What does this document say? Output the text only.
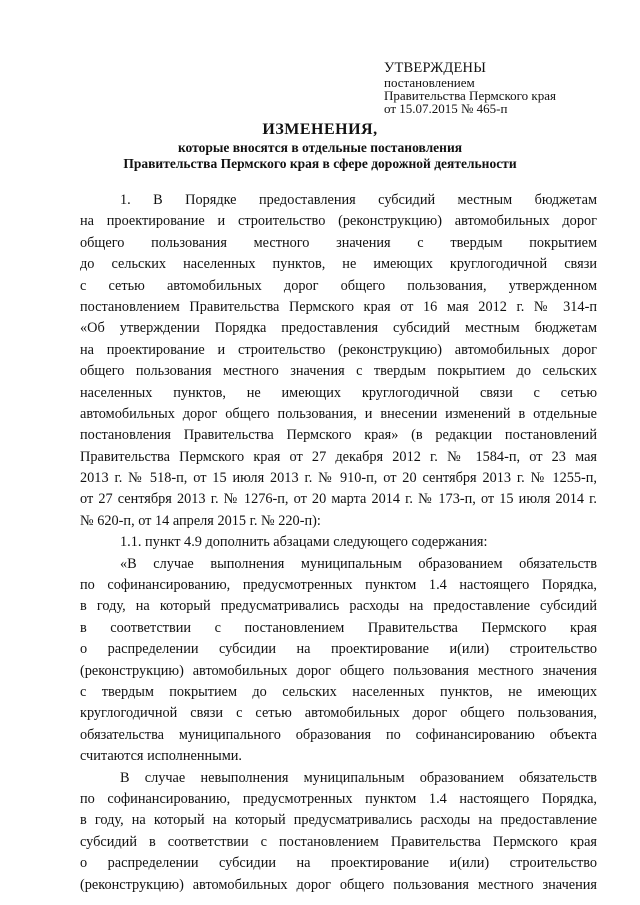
УТВЕРЖДЕНЫ
постановлением
Правительства Пермского края
от 15.07.2015 № 465-п
ИЗМЕНЕНИЯ,
которые вносятся в отдельные постановления
Правительства Пермского края в сфере дорожной деятельности
1. В Порядке предоставления субсидий местным бюджетам
на проектирование и строительство (реконструкцию) автомобильных дорог
общего пользования местного значения с твердым покрытием
до сельских населенных пунктов, не имеющих круглогодичной связи
с сетью автомобильных дорог общего пользования, утвержденном
постановлением Правительства Пермского края от 16 мая 2012 г. № 314-п
«Об утверждении Порядка предоставления субсидий местным бюджетам
на проектирование и строительство (реконструкцию) автомобильных дорог
общего пользования местного значения с твердым покрытием до сельских
населенных пунктов, не имеющих круглогодичной связи с сетью
автомобильных дорог общего пользования, и внесении изменений в отдельные
постановления Правительства Пермского края» (в редакции постановлений
Правительства Пермского края от 27 декабря 2012 г. № 1584-п, от 23 мая
2013 г. № 518-п, от 15 июля 2013 г. № 910-п, от 20 сентября 2013 г. № 1255-п,
от 27 сентября 2013 г. № 1276-п, от 20 марта 2014 г. № 173-п, от 15 июля 2014 г.
№ 620-п, от 14 апреля 2015 г. № 220-п):
1.1. пункт 4.9 дополнить абзацами следующего содержания:
«В случае выполнения муниципальным образованием обязательств
по софинансированию, предусмотренных пунктом 1.4 настоящего Порядка,
в году, на который предусматривались расходы на предоставление субсидий
в соответствии с постановлением Правительства Пермского края
о распределении субсидии на проектирование и(или) строительство
(реконструкцию) автомобильных дорог общего пользования местного значения
с твердым покрытием до сельских населенных пунктов, не имеющих
круглогодичной связи с сетью автомобильных дорог общего пользования,
обязательства муниципального образования по софинансированию объекта
считаются исполненными.
В случае невыполнения муниципальным образованием обязательств
по софинансированию, предусмотренных пунктом 1.4 настоящего Порядка,
в году, на который на который предусматривались расходы на предоставление
субсидий в соответствии с постановлением Правительства Пермского края
о распределении субсидии на проектирование и(или) строительство
(реконструкцию) автомобильных дорог общего пользования местного значения
